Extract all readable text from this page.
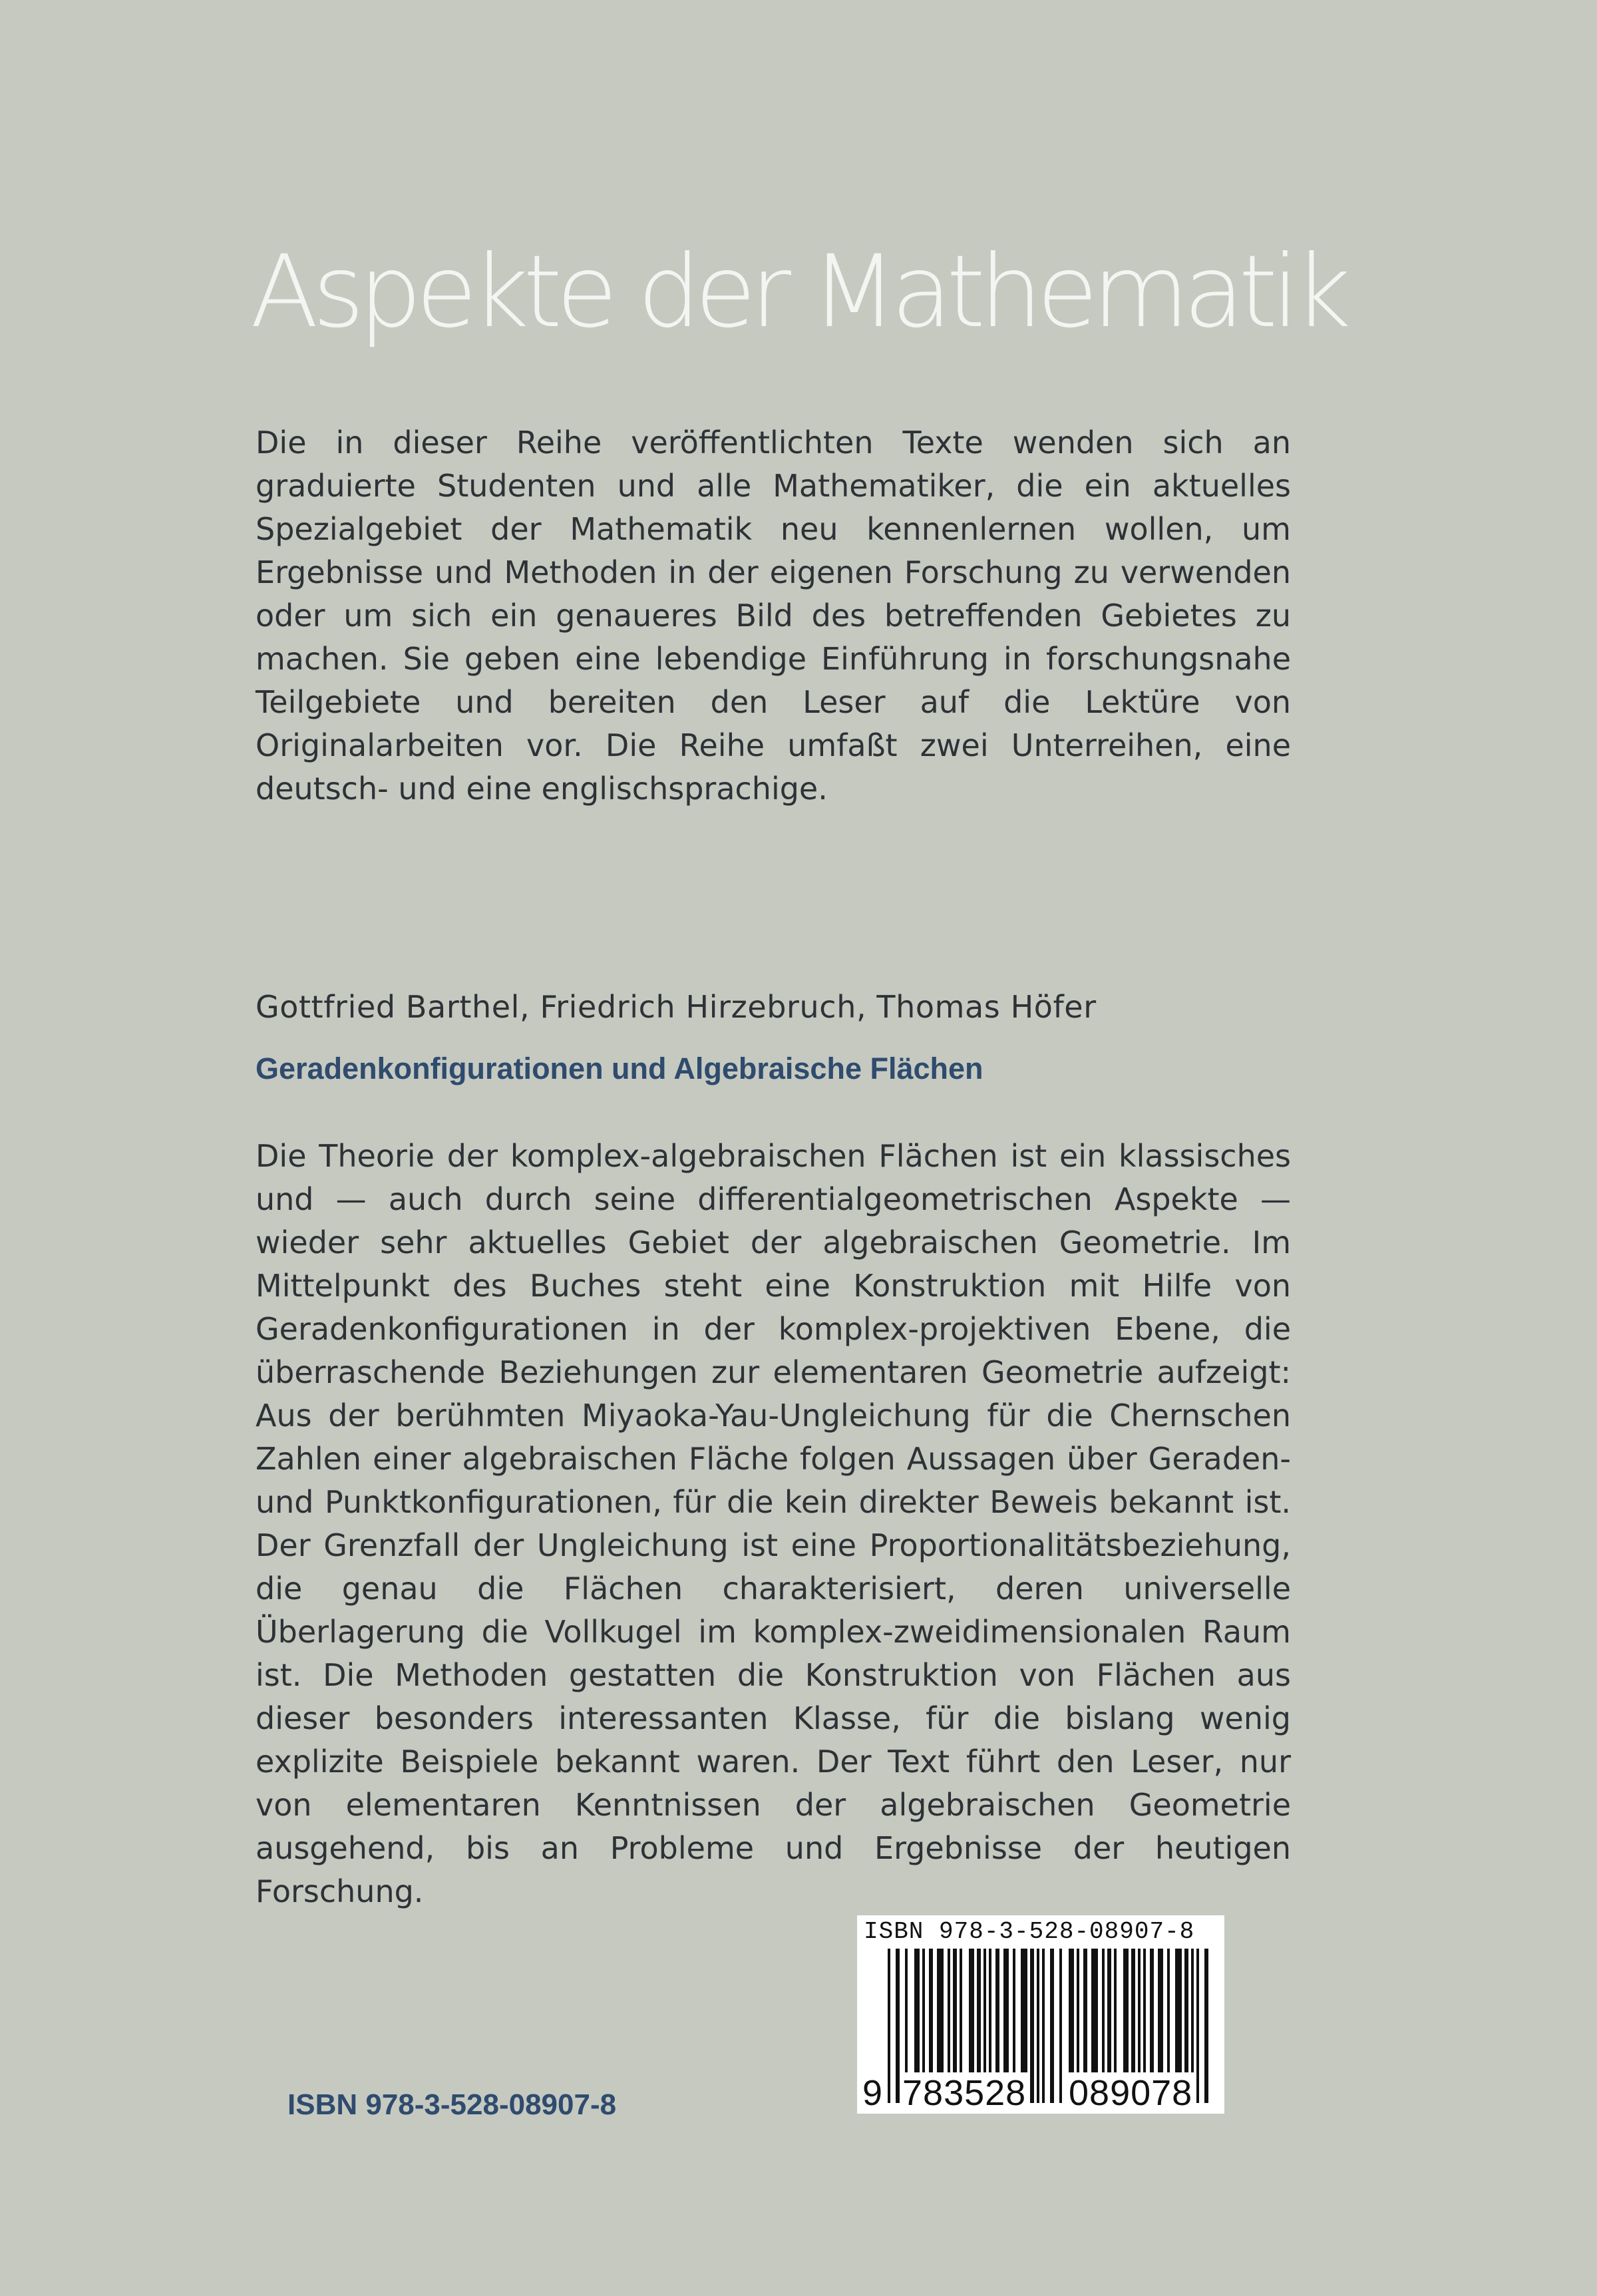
Aspekte der Mathematik

Die in dieser Reihe veröffentlichten Texte wenden sich an graduierte Studenten und alle Mathematiker, die ein aktuelles Spezialgebiet der Mathematik neu kennenlernen wollen, um Ergebnisse und Methoden in der eigenen Forschung zu verwenden oder um sich ein genaueres Bild des betreffenden Gebietes zu machen. Sie geben eine lebendige Einführung in forschungsnahe Teilgebiete und bereiten den Leser auf die Lektüre von Originalarbeiten vor. Die Reihe umfaßt zwei Unterreihen, eine deutsch- und eine englischsprachige.

Gottfried Barthel, Friedrich Hirzebruch, Thomas Höfer

Geradenkonfigurationen und Algebraische Flächen

Die Theorie der komplex-algebraischen Flächen ist ein klassisches und — auch durch seine differentialgeometrischen Aspekte — wieder sehr aktuelles Gebiet der algebraischen Geometrie. Im Mittelpunkt des Buches steht eine Konstruktion mit Hilfe von Geradenkonfigurationen in der komplex-projektiven Ebene, die überraschende Beziehungen zur elementaren Geometrie aufzeigt: Aus der berühmten Miyaoka-Yau-Ungleichung für die Chernschen Zahlen einer algebraischen Fläche folgen Aussagen über Geraden- und Punktkonfigurationen, für die kein direkter Beweis bekannt ist. Der Grenzfall der Ungleichung ist eine Proportionalitätsbeziehung, die genau die Flächen charakterisiert, deren universelle Überlagerung die Vollkugel im komplex-zweidimensionalen Raum ist. Die Methoden gestatten die Konstruktion von Flächen aus dieser besonders interessanten Klasse, für die bislang wenig explizite Beispiele bekannt waren. Der Text führt den Leser, nur von elementaren Kenntnissen der algebraischen Geometrie ausgehend, bis an Probleme und Ergebnisse der heutigen Forschung.

ISBN 978-3-528-08907-8

ISBN 978-3-528-08907-8
9 783528 089078
